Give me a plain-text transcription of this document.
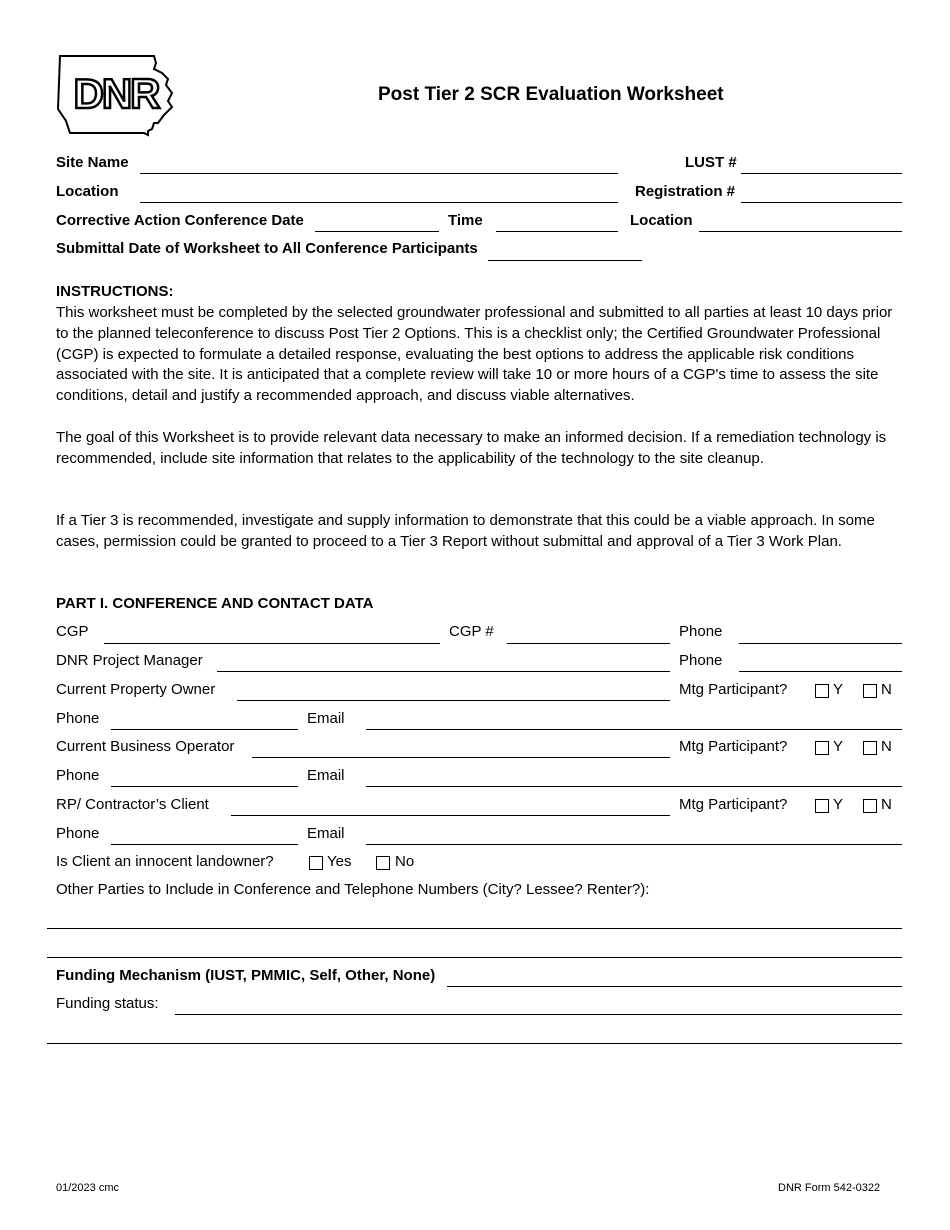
DNR	Post Tier 2 SCR Evaluation Worksheet
Site Name	LUST #
Location	Registration #
Corrective Action Conference Date	Time	Location
Submittal Date of Worksheet to All Conference Participants
INSTRUCTIONS:
This worksheet must be completed by the selected groundwater professional and submitted to all parties at least 10 days prior to the planned teleconference to discuss Post Tier 2 Options. This is a checklist only; the Certified Groundwater Professional (CGP) is expected to formulate a detailed response, evaluating the best options to address the applicable risk conditions associated with the site. It is anticipated that a complete review will take 10 or more hours of a CGP's time to assess the site conditions, detail and justify a recommended approach, and discuss viable alternatives.
The goal of this Worksheet is to provide relevant data necessary to make an informed decision. If a remediation technology is recommended, include site information that relates to the applicability of the technology to the site cleanup.
If a Tier 3 is recommended, investigate and supply information to demonstrate that this could be a viable approach. In some cases, permission could be granted to proceed to a Tier 3 Report without submittal and approval of a Tier 3 Work Plan.
PART I. CONFERENCE AND CONTACT DATA
CGP	CGP #	Phone
DNR Project Manager	Phone
Current Property Owner	Mtg Participant?	Y	N
Phone	Email
Current Business Operator	Mtg Participant?	Y	N
Phone	Email
RP/ Contractor’s Client	Mtg Participant?	Y	N
Phone	Email
Is Client an innocent landowner?	Yes	No
Other Parties to Include in Conference and Telephone Numbers (City? Lessee? Renter?):
Funding Mechanism (IUST, PMMIC, Self, Other, None)
Funding status:
01/2023 cmc	DNR Form 542-0322
